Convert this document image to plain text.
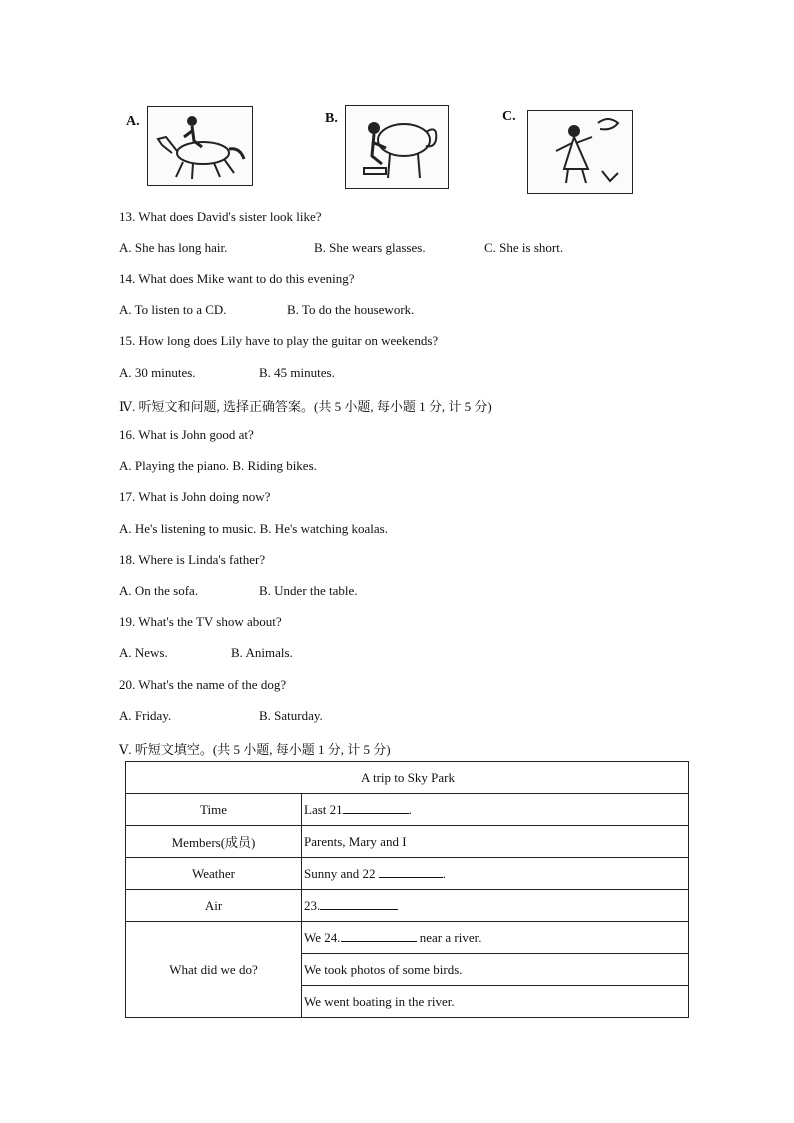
A.	B.	C.
13. What does David's sister look like?
A. She has long hair.	B. She wears glasses.	C. She is short.
14. What does Mike want to do this evening?
A. To listen to a CD.	B. To do the housework.
15. How long does Lily have to play the guitar on weekends?
A. 30 minutes.	B. 45 minutes.
Ⅳ. 听短文和问题, 选择正确答案。(共 5 小题, 每小题 1 分, 计 5 分)
16. What is John good at?
A. Playing the piano. B. Riding bikes.
17. What is John doing now?
A. He's listening to music. B. He's watching koalas.
18. Where is Linda's father?
A. On the sofa.	B. Under the table.
19. What's the TV show about?
A. News.	B. Animals.
20. What's the name of the dog?
A. Friday.	B. Saturday.
Ⅴ. 听短文填空。(共 5 小题, 每小题 1 分, 计 5 分)
A trip to Sky Park	
Time	Last 21 .
Members(成员)	Parents, Mary and I
Weather	Sunny and 22 .
Air	23.
What did we do?	We 24. near a river.
	We took photos of some birds.
	We went boating in the river.
